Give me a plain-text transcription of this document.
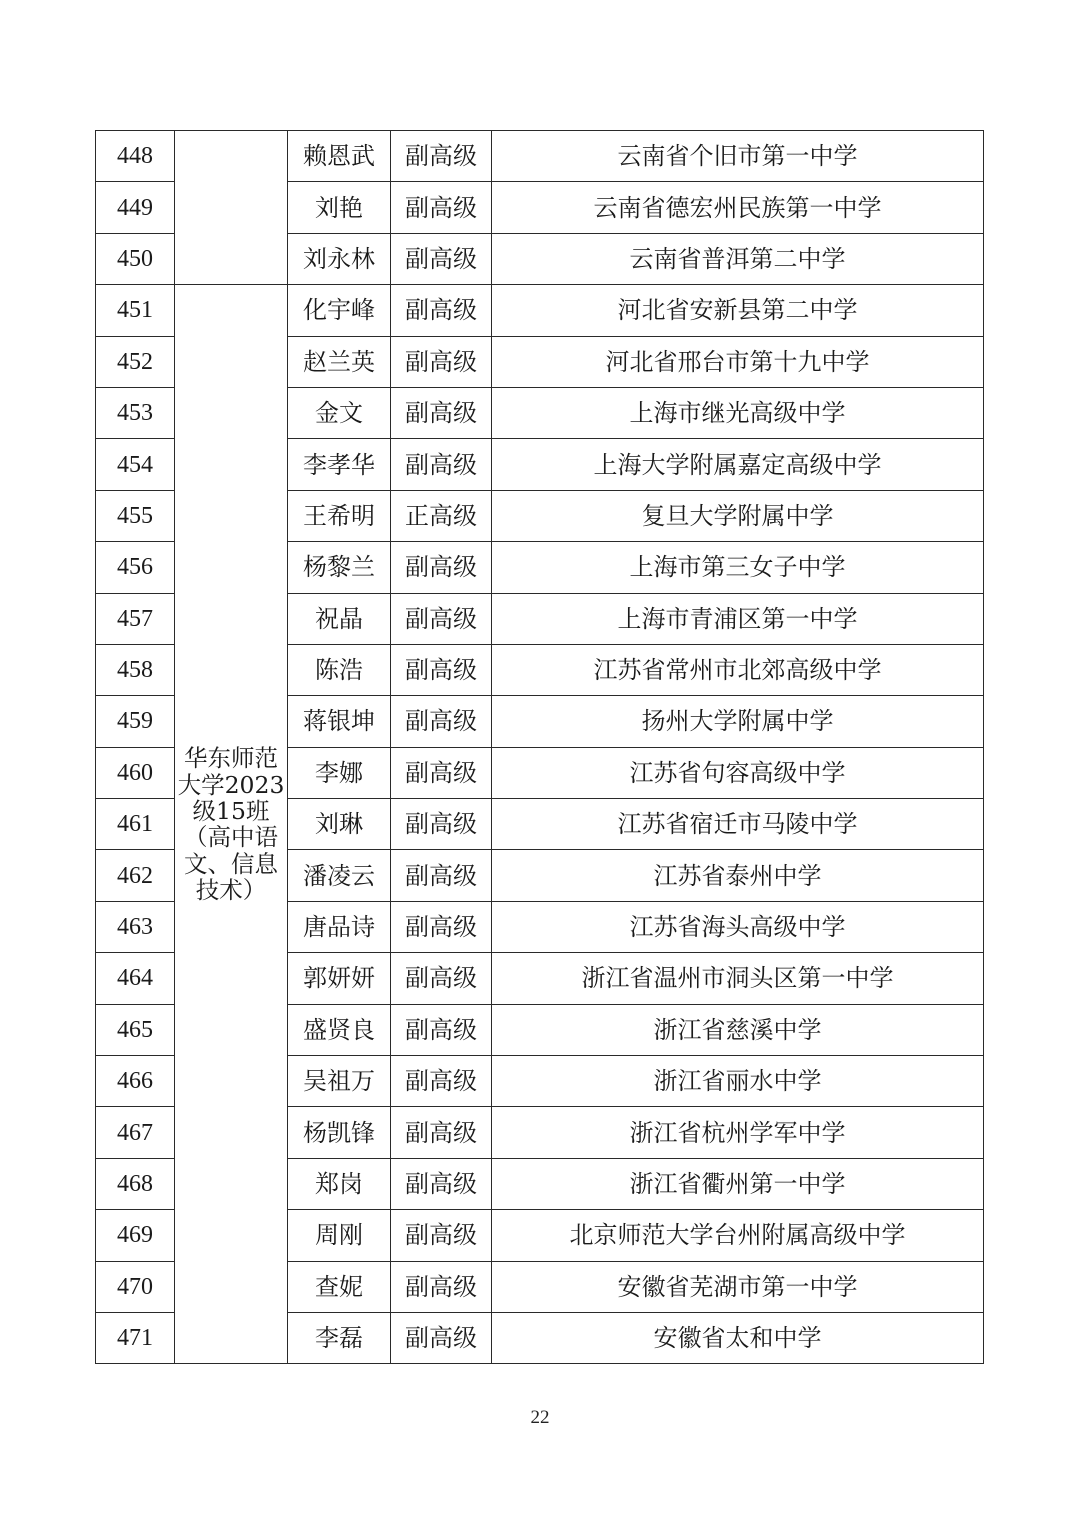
448		赖恩武	副高级	云南省个旧市第一中学
449		刘艳	副高级	云南省德宏州民族第一中学
450		刘永林	副高级	云南省普洱第二中学
451	华东师范大学2023级15班（高中语文、信息技术）	化宇峰	副高级	河北省安新县第二中学
452		赵兰英	副高级	河北省邢台市第十九中学
453		金文	副高级	上海市继光高级中学
454		李孝华	副高级	上海大学附属嘉定高级中学
455		王希明	正高级	复旦大学附属中学
456		杨黎兰	副高级	上海市第三女子中学
457		祝晶	副高级	上海市青浦区第一中学
458		陈浩	副高级	江苏省常州市北郊高级中学
459		蒋银坤	副高级	扬州大学附属中学
460		李娜	副高级	江苏省句容高级中学
461		刘琳	副高级	江苏省宿迁市马陵中学
462		潘凌云	副高级	江苏省泰州中学
463		唐品诗	副高级	江苏省海头高级中学
464		郭妍妍	副高级	浙江省温州市洞头区第一中学
465		盛贤良	副高级	浙江省慈溪中学
466		吴祖万	副高级	浙江省丽水中学
467		杨凯锋	副高级	浙江省杭州学军中学
468		郑岗	副高级	浙江省衢州第一中学
469		周刚	副高级	北京师范大学台州附属高级中学
470		查妮	副高级	安徽省芜湖市第一中学
471		李磊	副高级	安徽省太和中学
22
